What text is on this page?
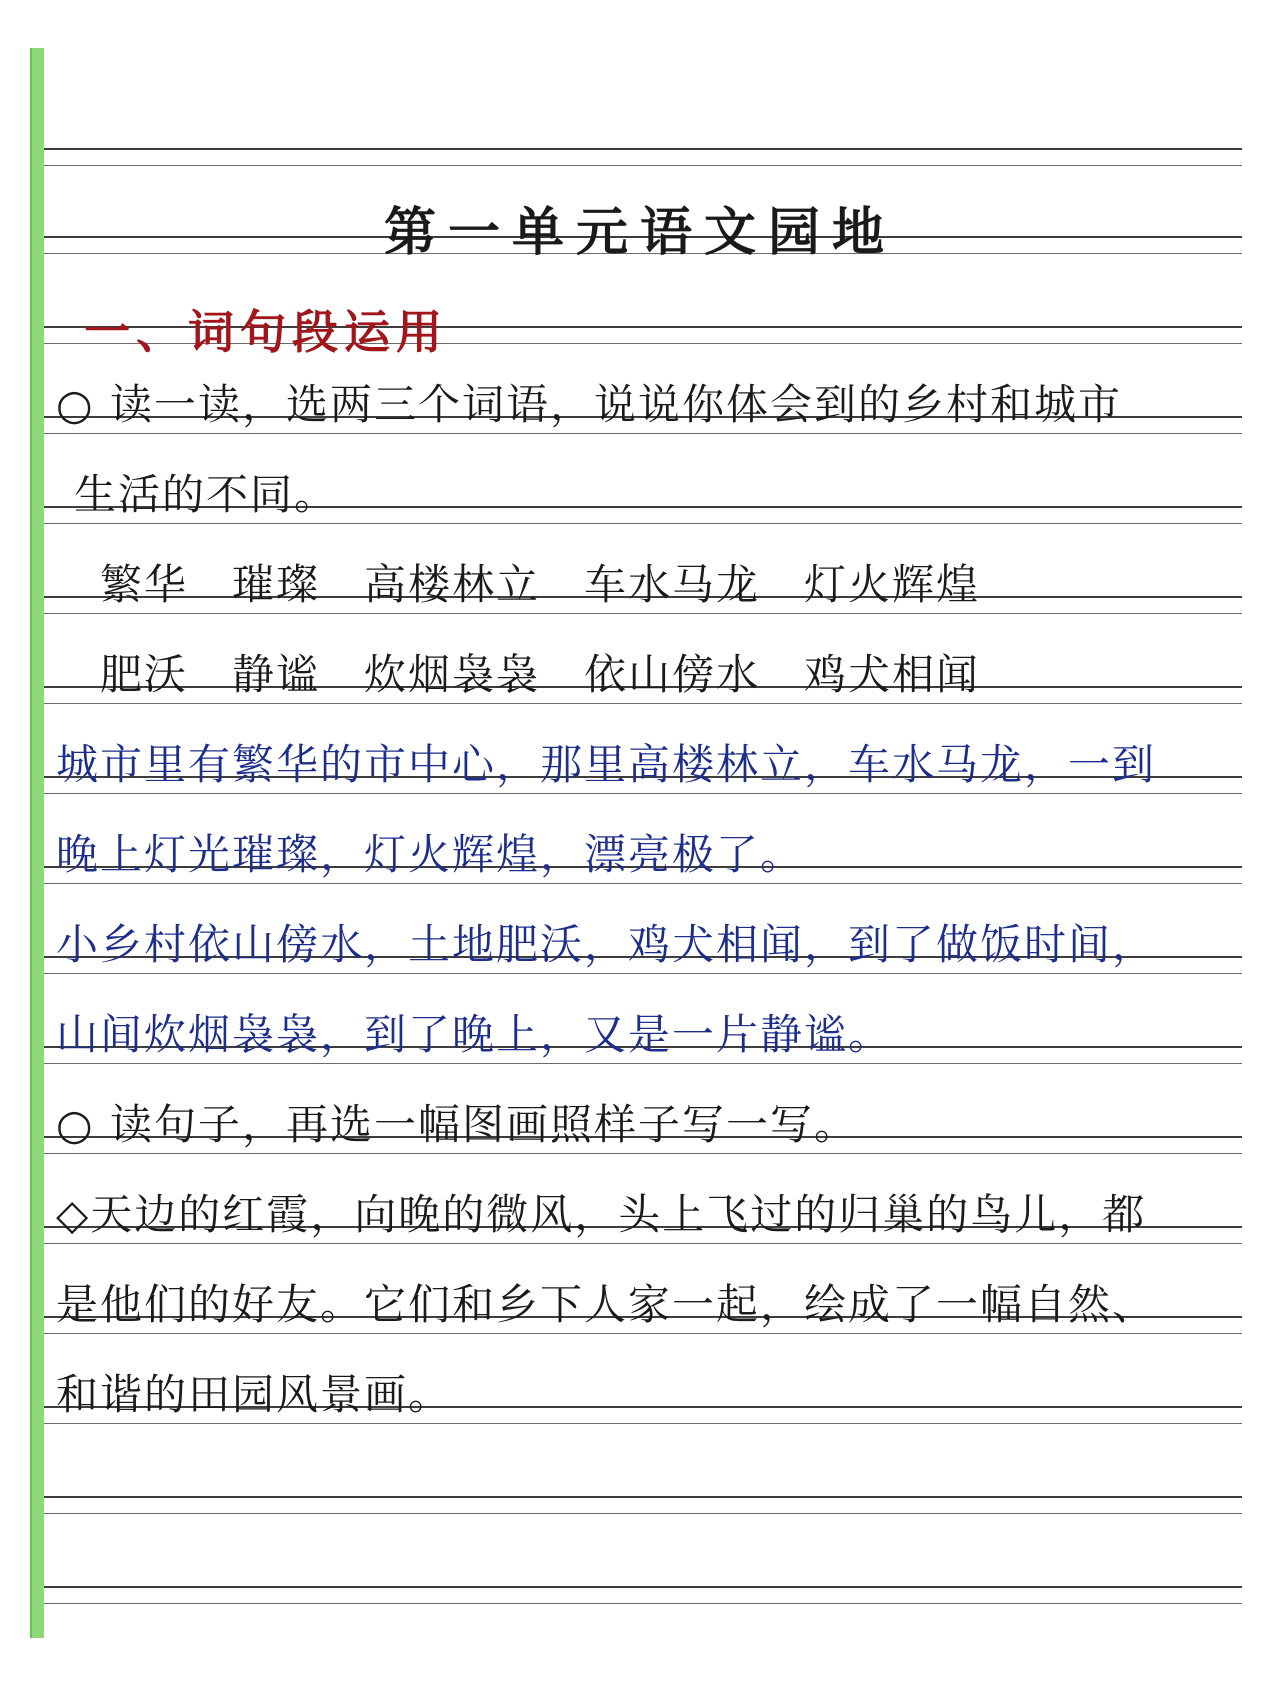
第一单元语文园地
一、词句段运用
○ 读一读，选两三个词语，说说你体会到的乡村和城市
生活的不同。
繁华　璀璨　高楼林立　车水马龙　灯火辉煌
肥沃　静谧　炊烟袅袅　依山傍水　鸡犬相闻
城市里有繁华的市中心，那里高楼林立，车水马龙，一到
晚上灯光璀璨，灯火辉煌，漂亮极了。
小乡村依山傍水，土地肥沃，鸡犬相闻，到了做饭时间，
山间炊烟袅袅，到了晚上，又是一片静谧。
○ 读句子，再选一幅图画照样子写一写。
◇天边的红霞，向晚的微风，头上飞过的归巢的鸟儿，都
是他们的好友。它们和乡下人家一起，绘成了一幅自然、
和谐的田园风景画。
